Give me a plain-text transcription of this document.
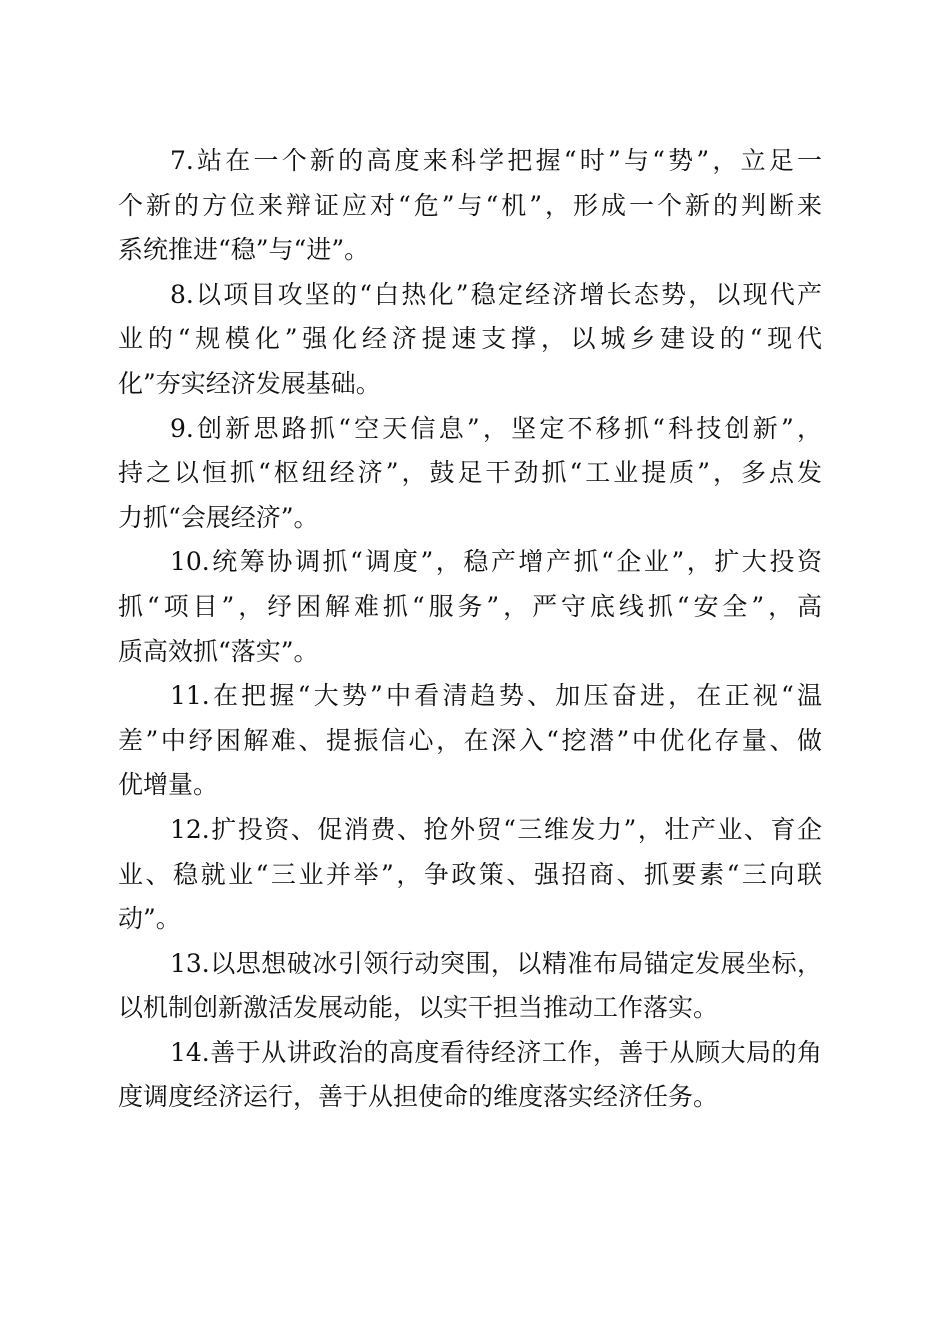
7.站在一个新的高度来科学把握“时”与“势”，立足一
个新的方位来辩证应对“危”与“机”，形成一个新的判断来
系统推进“稳”与“进”。
8.以项目攻坚的“白热化”稳定经济增长态势，以现代产
业的“规模化”强化经济提速支撑，以城乡建设的“现代
化”夯实经济发展基础。
9.创新思路抓“空天信息”，坚定不移抓“科技创新”，
持之以恒抓“枢纽经济”，鼓足干劲抓“工业提质”，多点发
力抓“会展经济”。
10.统筹协调抓“调度”，稳产增产抓“企业”，扩大投资
抓“项目”，纾困解难抓“服务”，严守底线抓“安全”，高
质高效抓“落实”。
11.在把握“大势”中看清趋势、加压奋进，在正视“温
差”中纾困解难、提振信心，在深入“挖潜”中优化存量、做
优增量。
12.扩投资、促消费、抢外贸“三维发力”，壮产业、育企
业、稳就业“三业并举”，争政策、强招商、抓要素“三向联
动”。
13.以思想破冰引领行动突围，以精准布局锚定发展坐标，
以机制创新激活发展动能，以实干担当推动工作落实。
14.善于从讲政治的高度看待经济工作，善于从顾大局的角
度调度经济运行，善于从担使命的维度落实经济任务。
